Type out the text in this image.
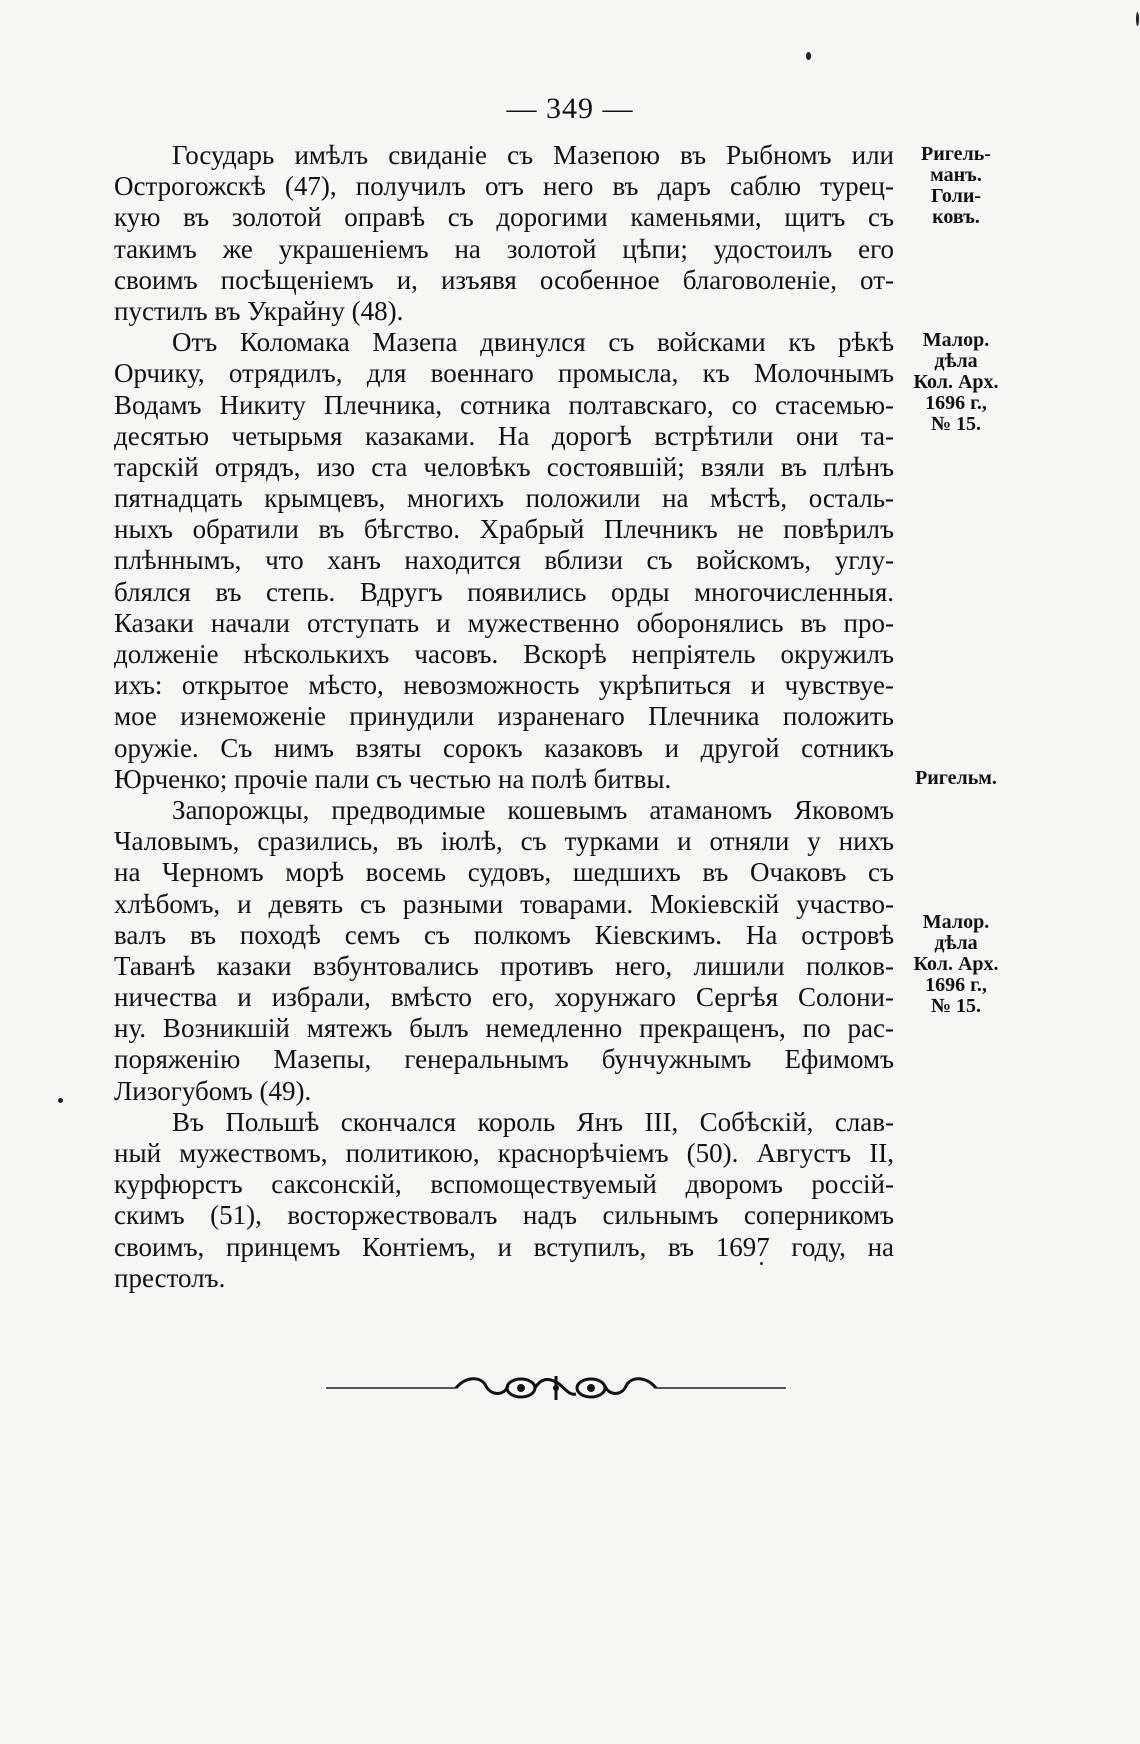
— 349 —
Государь имѣлъ свиданіе съ Мазепою въ Рыбномъ или
Острогожскѣ (47), получилъ отъ него въ даръ саблю турец-
кую въ золотой оправѣ съ дорогими каменьями, щитъ съ
такимъ же украшеніемъ на золотой цѣпи; удостоилъ его
своимъ посѣщеніемъ и, изъявя особенное благоволеніе, от-
пустилъ въ Украйну (48).
Отъ Коломака Мазепа двинулся съ войсками къ рѣкѣ
Орчику, отрядилъ, для военнаго промысла, къ Молочнымъ
Водамъ Никиту Плечника, сотника полтавскаго, со стасемью-
десятью четырьмя казаками. На дорогѣ встрѣтили они та-
тарскій отрядъ, изо ста человѣкъ состоявшій; взяли въ плѣнъ
пятнадцать крымцевъ, многихъ положили на мѣстѣ, осталь-
ныхъ обратили въ бѣгство. Храбрый Плечникъ не повѣрилъ
плѣннымъ, что ханъ находится вблизи съ войскомъ, углу-
блялся въ степь. Вдругъ появились орды многочисленныя.
Казаки начали отступать и мужественно оборонялись въ про-
долженіе нѣсколькихъ часовъ. Вскорѣ непріятель окружилъ
ихъ: открытое мѣсто, невозможность укрѣпиться и чувствуе-
мое изнеможеніе принудили израненаго Плечника положить
оружіе. Съ нимъ взяты сорокъ казаковъ и другой сотникъ
Юрченко; прочіе пали съ честью на полѣ битвы.
Запорожцы, предводимые кошевымъ атаманомъ Яковомъ
Чаловымъ, сразились, въ іюлѣ, съ турками и отняли у нихъ
на Черномъ морѣ восемь судовъ, шедшихъ въ Очаковъ съ
хлѣбомъ, и девять съ разными товарами. Мокіевскій участво-
валъ въ походѣ семъ съ полкомъ Кіевскимъ. На островѣ
Таванѣ казаки взбунтовались противъ него, лишили полков-
ничества и избрали, вмѣсто его, хорунжаго Сергѣя Солони-
ну. Возникшій мятежъ былъ немедленно прекращенъ, по рас-
поряженію Мазепы, генеральнымъ бунчужнымъ Ефимомъ
Лизогубомъ (49).
Въ Польшѣ скончался король Янъ III, Собѣскій, слав-
ный мужествомъ, политикою, краснорѣчіемъ (50). Августъ II,
курфюрстъ саксонскій, вспомоществуемый дворомъ россій-
скимъ (51), восторжествовалъ надъ сильнымъ соперникомъ
своимъ, принцемъ Контіемъ, и вступилъ, въ 1697 году, на
престолъ.
Ригель-
манъ.
Голи-
ковъ.
Малор.
дѣла
Кол. Арх.
1696 г.,
№ 15.
Ригельм.
Малор.
дѣла
Кол. Арх.
1696 г.,
№ 15.
